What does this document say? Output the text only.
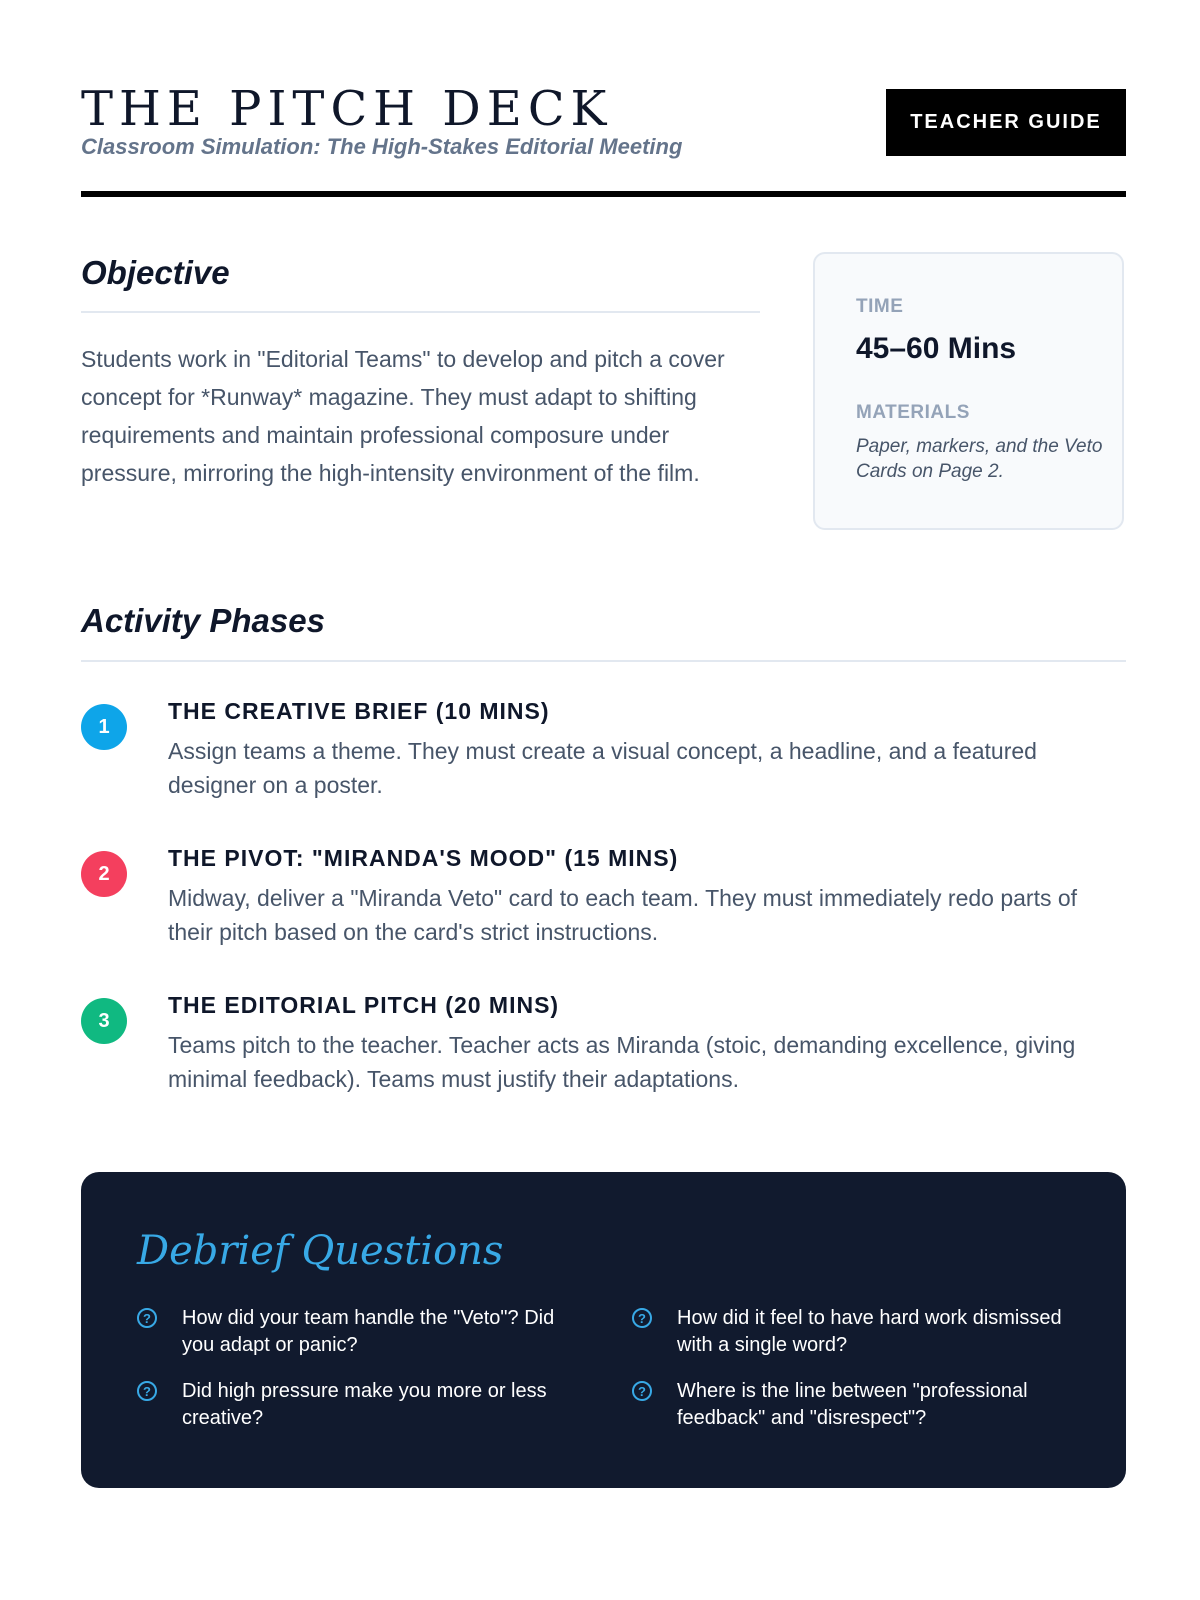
THE PITCH DECK
Classroom Simulation: The High-Stakes Editorial Meeting
TEACHER GUIDE
Objective
Students work in "Editorial Teams" to develop and pitch a cover concept for *Runway* magazine. They must adapt to shifting requirements and maintain professional composure under pressure, mirroring the high-intensity environment of the film.
TIME
45–60 Mins
MATERIALS
Paper, markers, and the Veto Cards on Page 2.
Activity Phases
1
THE CREATIVE BRIEF (10 MINS)
Assign teams a theme. They must create a visual concept, a headline, and a featured designer on a poster.
2
THE PIVOT: "MIRANDA'S MOOD" (15 MINS)
Midway, deliver a "Miranda Veto" card to each team. They must immediately redo parts of their pitch based on the card's strict instructions.
3
THE EDITORIAL PITCH (20 MINS)
Teams pitch to the teacher. Teacher acts as Miranda (stoic, demanding excellence, giving minimal feedback). Teams must justify their adaptations.
Debrief Questions
?	How did your team handle the "Veto"? Did you adapt or panic?
?	How did it feel to have hard work dismissed with a single word?
?	Did high pressure make you more or less creative?
?	Where is the line between "professional feedback" and "disrespect"?
